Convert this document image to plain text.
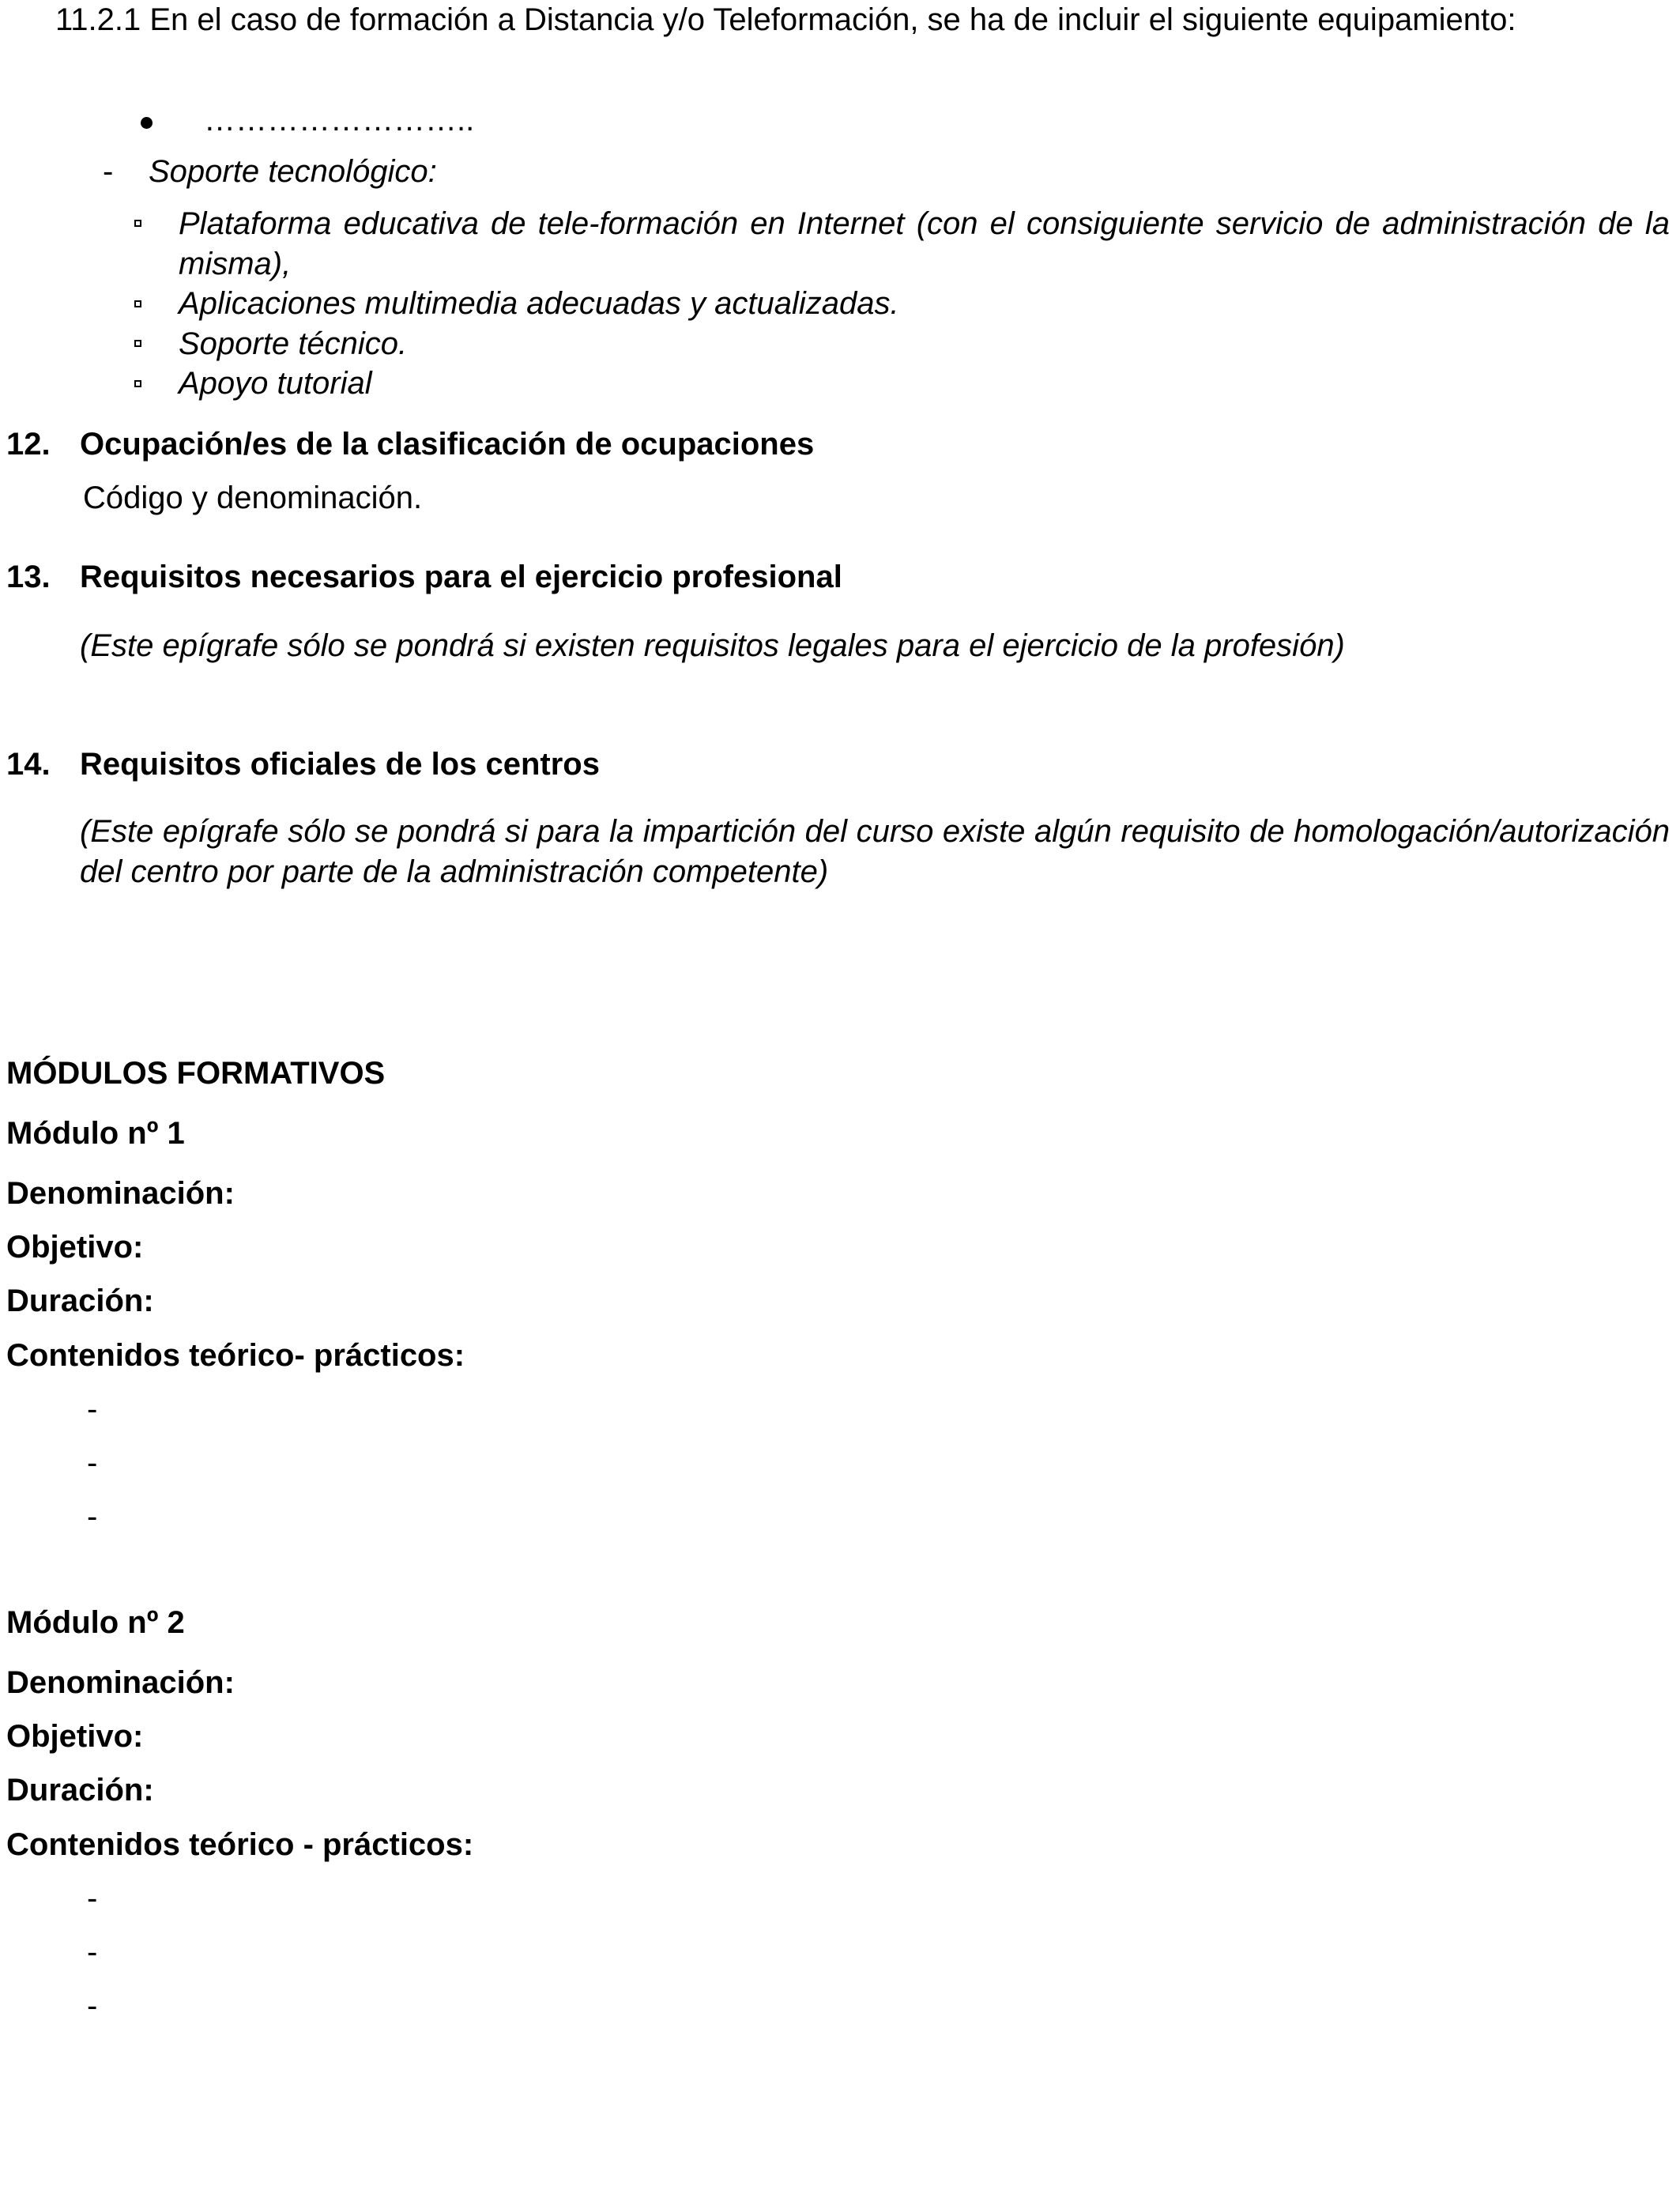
11.2.1 En el caso de formación a Distancia y/o Teleformación, se ha de incluir el siguiente equipamiento:
……………………..
- Soporte tecnológico:
Plataforma educativa de tele-formación en Internet (con el consiguiente servicio de administración de la misma),
Aplicaciones multimedia adecuadas y actualizadas.
Soporte técnico.
Apoyo tutorial
12. Ocupación/es de la clasificación de ocupaciones
Código y denominación.
13. Requisitos necesarios para el ejercicio profesional
(Este epígrafe sólo se pondrá si existen requisitos legales para el ejercicio de la profesión)
14. Requisitos oficiales de los centros
(Este epígrafe sólo se pondrá si para la impartición del curso existe algún requisito de homologación/autorización del centro por parte de la administración competente)
MÓDULOS FORMATIVOS
Módulo nº 1
Denominación:
Objetivo:
Duración:
Contenidos teórico- prácticos:
-
-
-
Módulo nº 2
Denominación:
Objetivo:
Duración:
Contenidos teórico - prácticos:
-
-
-
